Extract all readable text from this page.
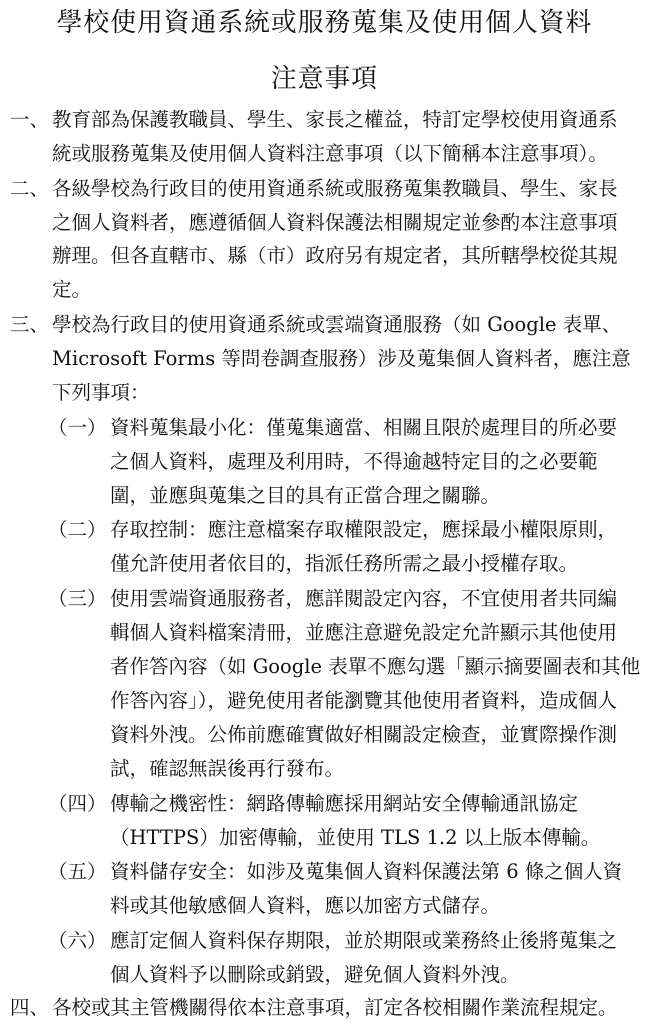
學校使用資通系統或服務蒐集及使用個人資料
注意事項
一、 教育部為保護教職員、學生、家長之權益，特訂定學校使用資通系
統或服務蒐集及使用個人資料注意事項（以下簡稱本注意事項）。
二、 各級學校為行政目的使用資通系統或服務蒐集教職員、學生、家長
之個人資料者，應遵循個人資料保護法相關規定並參酌本注意事項
辦理。但各直轄市、縣（市）政府另有規定者，其所轄學校從其規
定。
三、 學校為行政目的使用資通系統或雲端資通服務（如 Google 表單、
Microsoft Forms 等問卷調查服務）涉及蒐集個人資料者，應注意
下列事項：
（一） 資料蒐集最小化：僅蒐集適當、相關且限於處理目的所必要
之個人資料，處理及利用時，不得逾越特定目的之必要範
圍，並應與蒐集之目的具有正當合理之關聯。
（二） 存取控制：應注意檔案存取權限設定，應採最小權限原則，
僅允許使用者依目的，指派任務所需之最小授權存取。
（三） 使用雲端資通服務者，應詳閱設定內容，不宜使用者共同編
輯個人資料檔案清冊，並應注意避免設定允許顯示其他使用
者作答內容（如 Google 表單不應勾選「顯示摘要圖表和其他
作答內容」），避免使用者能瀏覽其他使用者資料，造成個人
資料外洩。公佈前應確實做好相關設定檢查，並實際操作測
試，確認無誤後再行發布。
（四） 傳輸之機密性：網路傳輸應採用網站安全傳輸通訊協定
（HTTPS）加密傳輸，並使用 TLS 1.2 以上版本傳輸。
（五） 資料儲存安全：如涉及蒐集個人資料保護法第 6 條之個人資
料或其他敏感個人資料，應以加密方式儲存。
（六） 應訂定個人資料保存期限，並於期限或業務終止後將蒐集之
個人資料予以刪除或銷毀，避免個人資料外洩。
四、 各校或其主管機關得依本注意事項，訂定各校相關作業流程規定。
